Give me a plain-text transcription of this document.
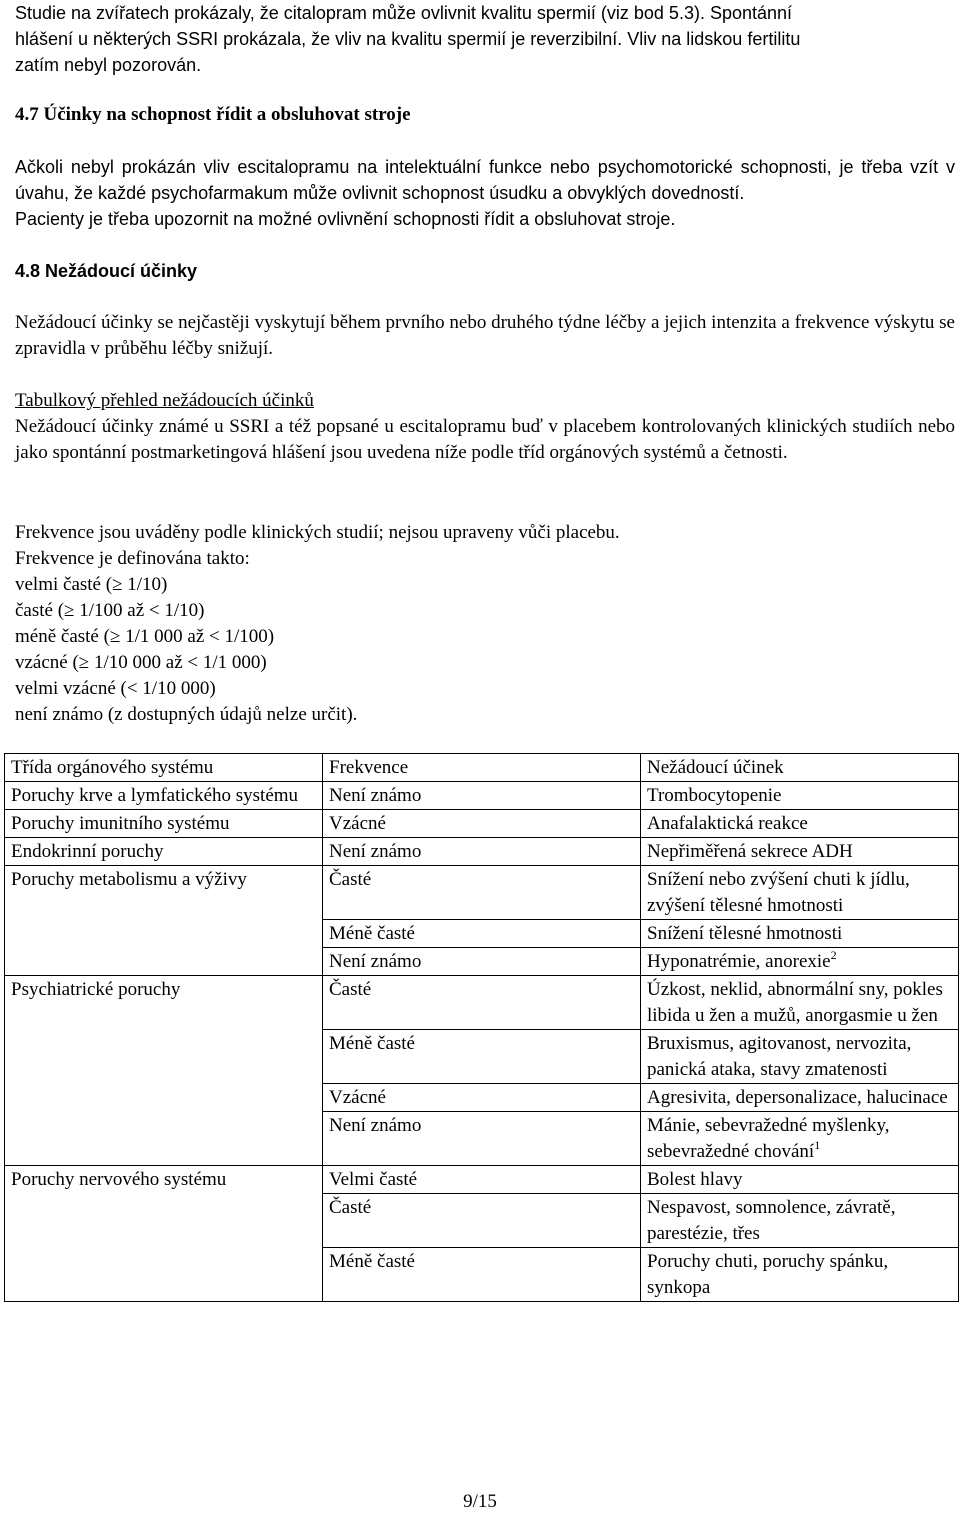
Studie na zvířatech prokázaly, že citalopram může ovlivnit kvalitu spermií (viz bod 5.3). Spontánní

hlášení u některých SSRI prokázala, že vliv na kvalitu spermií je reverzibilní. Vliv na lidskou fertilitu

zatím nebyl pozorován.

4.7 Účinky na schopnost řídit a obsluhovat stroje

Ačkoli nebyl prokázán vliv escitalopramu na intelektuální funkce nebo psychomotorické schopnosti, je třeba vzít v úvahu, že každé psychofarmakum může ovlivnit schopnost úsudku a obvyklých dovedností.

Pacienty je třeba upozornit na možné ovlivnění schopnosti řídit a obsluhovat stroje.

4.8 Nežádoucí účinky

Nežádoucí účinky se nejčastěji vyskytují během prvního nebo druhého týdne léčby a jejich intenzita a frekvence výskytu se zpravidla v průběhu léčby snižují.

Tabulkový přehled nežádoucích účinků

Nežádoucí účinky známé u SSRI a též popsané u escitalopramu buď v placebem kontrolovaných klinických studiích nebo jako spontánní postmarketingová hlášení jsou uvedena níže podle tříd orgánových systémů a četnosti.

Frekvence jsou uváděny podle klinických studií; nejsou upraveny vůči placebu.

Frekvence je definována takto:

velmi časté (≥ 1/10)

časté (≥ 1/100 až < 1/10)

méně časté (≥ 1/1 000 až < 1/100)

vzácné (≥ 1/10 000 až < 1/1 000)

velmi vzácné (< 1/10 000)

není známo (z dostupných údajů nelze určit).

Třída orgánového systému	Frekvence	Nežádoucí účinek
Poruchy krve a lymfatického systému	Není známo	Trombocytopenie
Poruchy imunitního systému	Vzácné	Anafalaktická reakce
Endokrinní poruchy	Není známo	Nepřiměřená sekrece ADH
Poruchy metabolismu a výživy	Časté	Snížení nebo zvýšení chuti k jídlu, zvýšení tělesné hmotnosti
	Méně časté	Snížení tělesné hmotnosti
	Není známo	Hyponatrémie, anorexie$^2$
Psychiatrické poruchy	Časté	Úzkost, neklid, abnormální sny, pokles libida u žen a mužů, anorgasmie u žen
	Méně časté	Bruxismus, agitovanost, nervozita, panická ataka, stavy zmatenosti
	Vzácné	Agresivita, depersonalizace, halucinace
	Není známo	Mánie, sebevražedné myšlenky, sebevražedné chování$^1$
Poruchy nervového systému	Velmi časté	Bolest hlavy
	Časté	Nespavost, somnolence, závratě, parestézie, třes
	Méně časté	Poruchy chuti, poruchy spánku, synkopa
9/15
